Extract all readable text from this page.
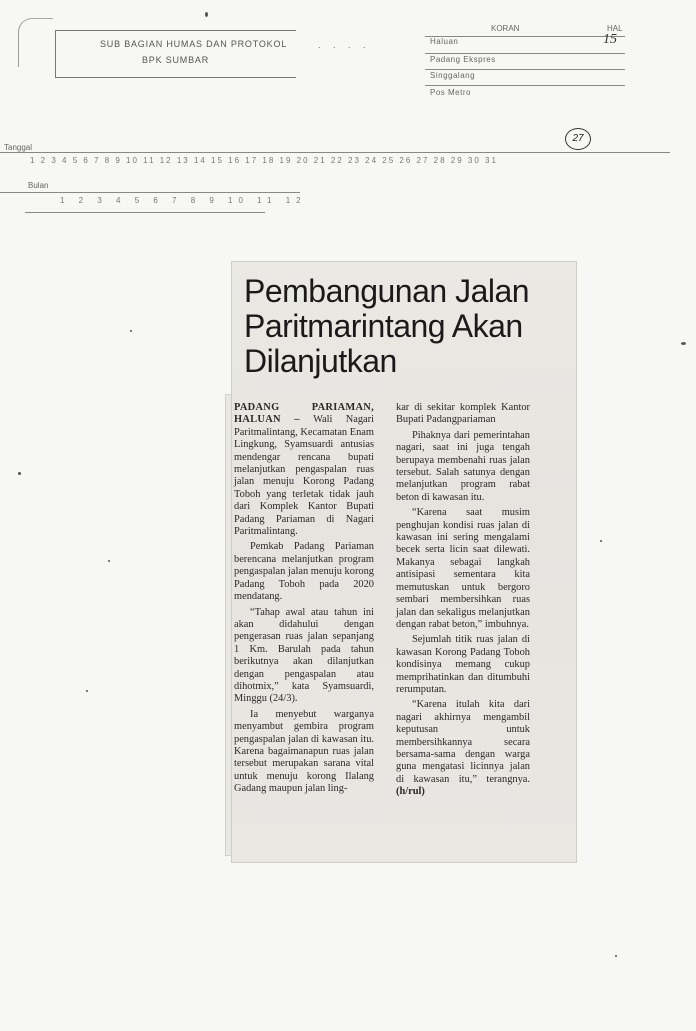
SUB BAGIAN HUMAS DAN PROTOKOL
BPK SUMBAR
. . . .
KORAN	HAL
Haluan
Padang Ekspres
Singgalang
Pos Metro
15
Tanggal
1 2 3 4 5 6 7 8 9 10 11 12 13 14 15 16 17 18 19 20 21 22 23 24 25 26 27 28 29 30 31
27
Bulan
1 2 3 4 5 6 7 8 9 10 11 12
Pembangunan Jalan
Paritmarintang Akan
Dilanjutkan

PADANG PARIAMAN, HALUAN – Wali Nagari Paritmalintang, Kecamatan Enam Lingkung, Syamsuardi antusias mendengar rencana bupati melanjutkan pengaspalan ruas jalan menuju Korong Padang Toboh yang terletak tidak jauh dari Komplek Kantor Bupati Padang Pariaman di Nagari Paritmalintang.

Pemkab Padang Pariaman berencana melanjutkan program pengaspalan jalan menuju korong Padang Toboh pada 2020 mendatang.

“Tahap awal atau tahun ini akan didahului dengan pengerasan ruas jalan sepanjang 1 Km. Barulah pada tahun berikutnya akan dilanjutkan dengan pengaspalan atau dihotmix,” kata Syamsuardi, Minggu (24/3).

Ia menyebut warganya menyambut gembira program pengaspalan jalan di kawasan itu. Karena bagaimanapun ruas jalan tersebut merupakan sarana vital untuk menuju korong Ilalang Gadang maupun jalan ling-

kar di sekitar komplek Kantor Bupati Padangpariaman

Pihaknya dari pemerintahan nagari, saat ini juga tengah berupaya membenahi ruas jalan tersebut. Salah satunya dengan melanjutkan program rabat beton di kawasan itu.

“Karena saat musim penghujan kondisi ruas jalan di kawasan ini sering mengalami becek serta licin saat dilewati. Makanya sebagai langkah antisipasi sementara kita memutuskan untuk bergoro sembari membersihkan ruas jalan dan sekaligus melanjutkan dengan rabat beton,” imbuhnya.

Sejumlah titik ruas jalan di kawasan Korong Padang Toboh kondisinya memang cukup memprihatinkan dan ditumbuhi rerumputan.

“Karena itulah kita dari nagari akhirnya mengambil keputusan untuk membersihkannya secara bersama-sama dengan warga guna mengatasi licinnya jalan di kawasan itu,” terangnya. (h/rul)
